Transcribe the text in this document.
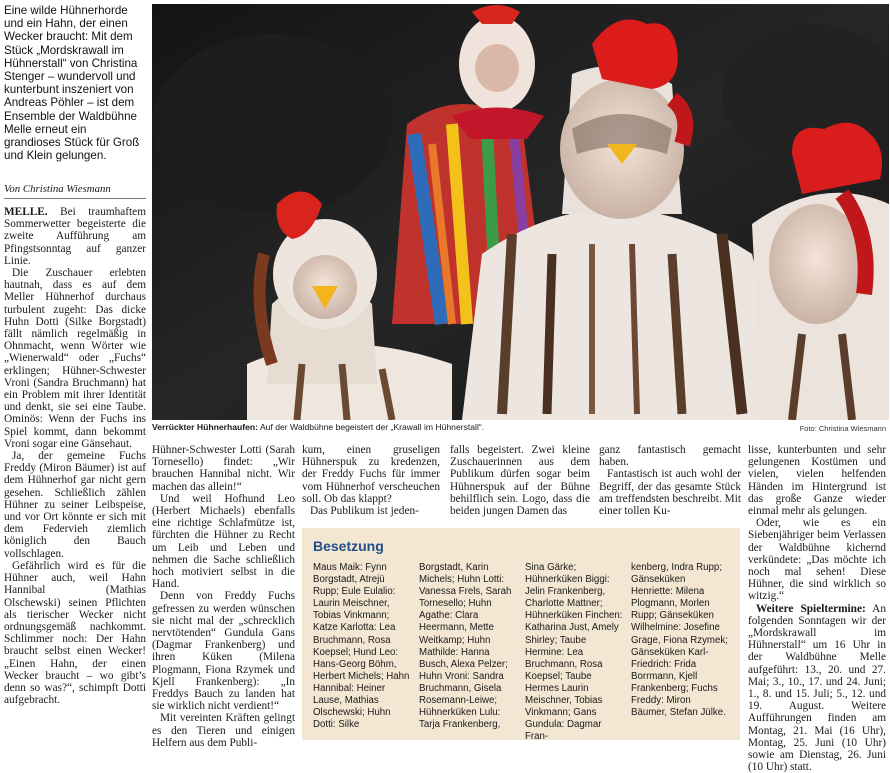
Eine wilde Hühnerhorde und ein Hahn, der einen Wecker braucht: Mit dem Stück „Mordskrawall im Hühnerstall“ von Christina Stenger – wundervoll und kunterbunt inszeniert von Andreas Pöhler – ist dem Ensemble der Waldbühne Melle erneut ein grandioses Stück für Groß und Klein gelungen.
Von Christina Wiesmann

MELLE. Bei traumhaftem Sommerwetter begeisterte die zweite Aufführung am Pfingstsonntag auf ganzer Linie.

Die Zuschauer erlebten hautnah, dass es auf dem Meller Hühnerhof durchaus turbulent zugeht: Das dicke Huhn Dotti (Silke Borgstadt) fällt nämlich regelmäßig in Ohnmacht, wenn Wörter wie „Wienerwald“ oder „Fuchs“ erklingen; Hühner-Schwester Vroni (Sandra Bruchmann) hat ein Problem mit ihrer Identität und denkt, sie sei eine Taube. Ominös: Wenn der Fuchs ins Spiel kommt, dann bekommt Vroni sogar eine Gänsehaut.

Ja, der gemeine Fuchs Freddy (Miron Bäumer) ist auf dem Hühnerhof gar nicht gern gesehen. Schließlich zählen Hühner zu seiner Leibspeise, und vor Ort könnte er sich mit dem Federvieh ziemlich königlich den Bauch vollschlagen.

Gefährlich wird es für die Hühner auch, weil Hahn Hannibal (Mathias Olschewski) seinen Pflichten als tierischer Wecker nicht ordnungsgemäß nachkommt. Schlimmer noch: Der Hahn braucht selbst einen Wecker! „Einen Hahn, der einen Wecker braucht – wo gibt’s denn so was?“, schimpft Dotti aufgebracht.

Verrückter Hühnerhaufen: Auf der Waldbühne begeistert der „Krawall im Hühnerstall“.	Foto: Christina Wiesmann

Hühner-Schwester Lotti (Sarah Tornesello) findet: „Wir brauchen Hannibal nicht. Wir machen das allein!“

Und weil Hofhund Leo (Herbert Michaels) ebenfalls eine richtige Schlafmütze ist, fürchten die Hühner zu Recht um Leib und Leben und nehmen die Sache schließlich hoch motiviert selbst in die Hand.

Denn von Freddy Fuchs gefressen zu werden wünschen sie nicht mal der „schrecklich nervtötenden“ Gundula Gans (Dagmar Frankenberg) und ihren Küken (Milena Plogmann, Fiona Rzymek und Kjell Frankenberg): „In Freddys Bauch zu landen hat sie wirklich nicht verdient!“

Mit vereinten Kräften gelingt es den Tieren und einigen Helfern aus dem Publi-

kum, einen gruseligen Hühnerspuk zu kredenzen, der Freddy Fuchs für immer vom Hühnerhof verscheuchen soll. Ob das klappt?

Das Publikum ist jeden-

falls begeistert. Zwei kleine Zuschauerinnen aus dem Publikum dürfen sogar beim Hühnerspuk auf der Bühne behilflich sein. Logo, dass die beiden jungen Damen das

ganz fantastisch gemacht haben.

Fantastisch ist auch wohl der Begriff, der das gesamte Stück am treffendsten beschreibt. Mit einer tollen Ku-

lisse, kunterbunten und sehr gelungenen Kostümen und vielen, vielen helfenden Händen im Hintergrund ist das große Ganze wieder einmal mehr als gelungen.

Oder, wie es ein Siebenjähriger beim Verlassen der Waldbühne kichernd verkündete: „Das möchte ich noch mal sehen! Diese Hühner, die sind wirklich so witzig.“

Weitere Spieltermine: An folgenden Sonntagen wir der „Mordskrawall im Hühnerstall“ um 16 Uhr in der Waldbühne Melle aufgeführt: 13., 20. und 27. Mai; 3., 10., 17. und 24. Juni; 1., 8. und 15. Juli; 5., 12. und 19. August. Weitere Aufführungen finden am Montag, 21. Mai (16 Uhr), Montag, 25. Juni (10 Uhr) sowie am Dienstag, 26. Juni (10 Uhr) statt.

Besetzung
Maus Maik: Fynn Borgstadt, Atrejü Rupp; Eule Eulalio: Laurin Meischner, Tobias Vinkmann; Katze Karlotta: Lea Bruchmann, Rosa Koepsel; Hund Leo: Hans-Georg Böhm, Herbert Michels; Hahn Hannibal: Heiner Lause, Mathias Olschewski; Huhn Dotti: Silke
Borgstadt, Karin Michels; Huhn Lotti: Vanessa Frels, Sarah Tornesello; Huhn Agathe: Clara Heermann, Mette Weitkamp; Huhn Mathilde: Hanna Busch, Alexa Pelzer; Huhn Vroni: Sandra Bruchmann, Gisela Rosemann-Leiwe; Hühnerküken Lulu: Tarja Frankenberg,
Sina Gärke; Hühnerküken Biggi: Jelin Frankenberg, Charlotte Mattner; Hühnerküken Finchen: Katharina Just, Amely Shirley; Taube Hermine: Lea Bruchmann, Rosa Koepsel; Taube Hermes Laurin Meischner, Tobias Vinkmann; Gans Gundula: Dagmar Fran-
kenberg, Indra Rupp; Gänseküken Henriette: Milena Plogmann, Morlen Rupp; Gänseküken Wilhelmine: Josefine Grage, Fiona Rzymek; Gänseküken Karl-Friedrich: Frida Borrmann, Kjell Frankenberg; Fuchs Freddy: Miron Bäumer, Stefan Jülke.
